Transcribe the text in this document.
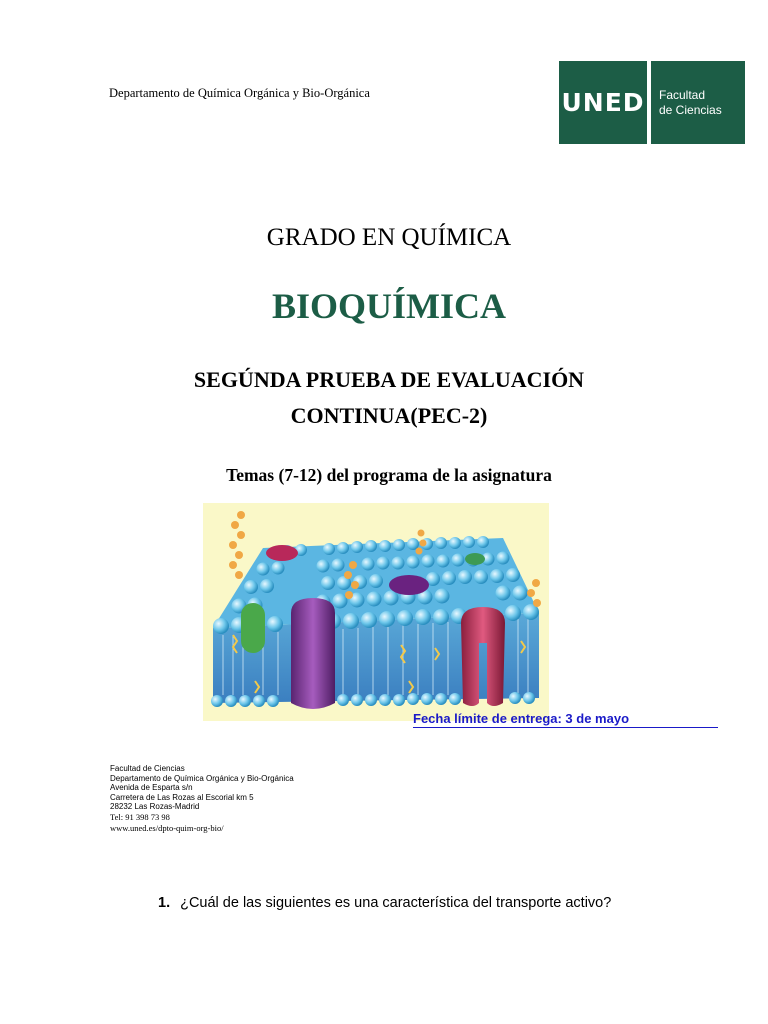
Departamento de Química Orgánica y Bio-Orgánica	UNED Facultad
de Ciencias
GRADO EN QUÍMICA
BIOQUÍMICA
SEGÚNDA PRUEBA DE EVALUACIÓN
CONTINUA(PEC-2)
Temas (7-12) del programa de la asignatura
Fecha límite de entrega: 3 de mayo
Facultad de Ciencias
Departamento de Química Orgánica y Bio-Orgánica
Avenida de Esparta s/n
Carretera de Las Rozas al Escorial km 5
28232 Las Rozas-Madrid
Tel: 91 398 73 98
www.uned.es/dpto-quim-org-bio/
1. ¿Cuál de las siguientes es una característica del transporte activo?
